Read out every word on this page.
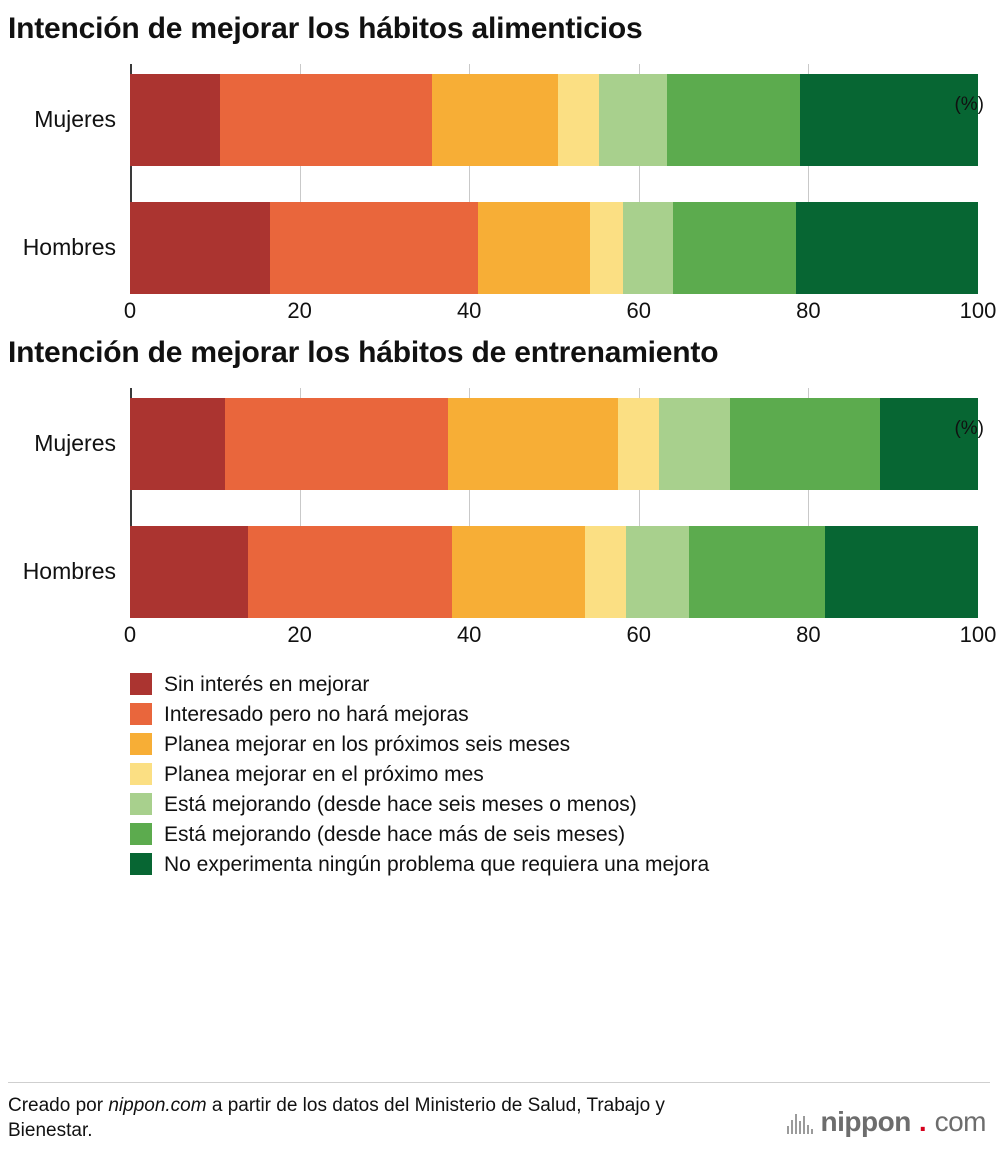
Intención de mejorar los hábitos alimenticios
Mujeres
Hombres
0	20	40	60	80	100
(%)
Intención de mejorar los hábitos de entrenamiento
Mujeres
Hombres
0	20	40	60	80	100
(%)
Sin interés en mejorar
Interesado pero no hará mejoras
Planea mejorar en los próximos seis meses
Planea mejorar en el próximo mes
Está mejorando (desde hace seis meses o menos)
Está mejorando (desde hace más de seis meses)
No experimenta ningún problema que requiera una mejora
Creado por nippon.com a partir de los datos del Ministerio de Salud, Trabajo y Bienestar.	nippon . com
